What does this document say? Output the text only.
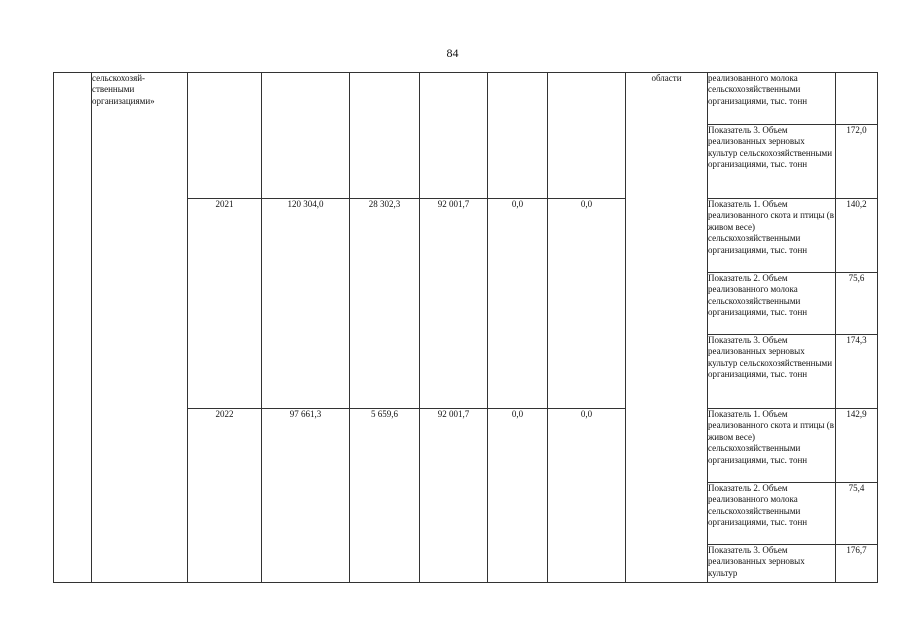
84
	сельскохозяй-
ственными
организациями»							области	реализованного молока сельскохозяйственными организациями, тыс. тонн	
									Показатель 3. Объем реализованных зерновых культур сельскохозяйственными организациями, тыс. тонн	172,0
		2021	120 304,0	28 302,3	92 001,7	0,0	0,0		Показатель 1. Объем реализованного скота и птицы (в живом весе) сельскохозяйственными организациями, тыс. тонн	140,2
									Показатель 2. Объем реализованного молока сельскохозяйственными организациями, тыс. тонн	75,6
									Показатель 3. Объем реализованных зерновых культур сельскохозяйственными организациями, тыс. тонн	174,3
		2022	97 661,3	5 659,6	92 001,7	0,0	0,0		Показатель 1. Объем реализованного скота и птицы (в живом весе) сельскохозяйственными организациями, тыс. тонн	142,9
									Показатель 2. Объем реализованного молока сельскохозяйственными организациями, тыс. тонн	75,4
									Показатель 3. Объем реализованных зерновых культур	176,7
